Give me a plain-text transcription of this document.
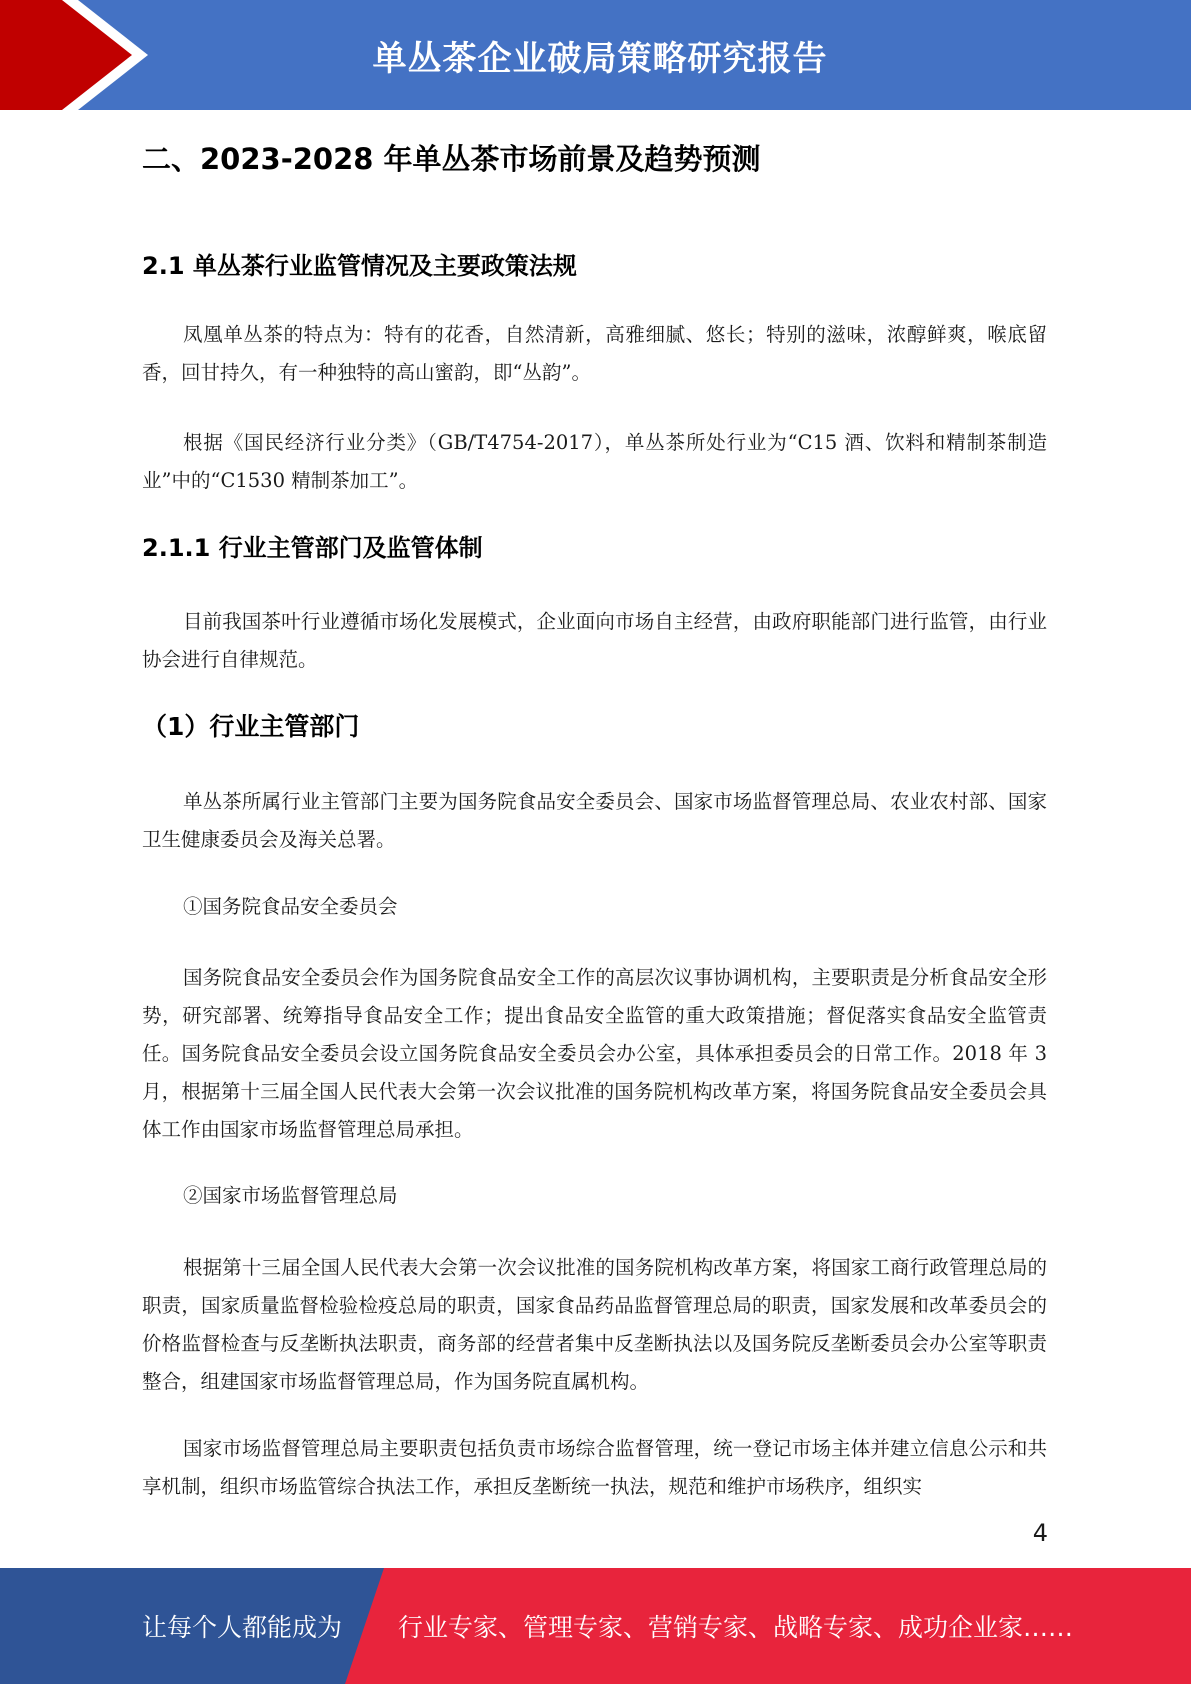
单丛茶企业破局策略研究报告
二、2023-2028 年单丛茶市场前景及趋势预测
2.1 单丛茶行业监管情况及主要政策法规

凤凰单丛茶的特点为：特有的花香，自然清新，高雅细腻、悠长；特别的滋味，浓醇鲜爽，喉底留香，回甘持久，有一种独特的高山蜜韵，即“丛韵”。

根据《国民经济行业分类》（GB/T4754-2017），单丛茶所处行业为“C15 酒、饮料和精制茶制造业”中的“C1530 精制茶加工”。

2.1.1 行业主管部门及监管体制

目前我国茶叶行业遵循市场化发展模式，企业面向市场自主经营，由政府职能部门进行监管，由行业协会进行自律规范。

（1）行业主管部门

单丛茶所属行业主管部门主要为国务院食品安全委员会、国家市场监督管理总局、农业农村部、国家卫生健康委员会及海关总署。

①国务院食品安全委员会

国务院食品安全委员会作为国务院食品安全工作的高层次议事协调机构，主要职责是分析食品安全形势，研究部署、统筹指导食品安全工作；提出食品安全监管的重大政策措施；督促落实食品安全监管责任。国务院食品安全委员会设立国务院食品安全委员会办公室，具体承担委员会的日常工作。2018 年 3 月，根据第十三届全国人民代表大会第一次会议批准的国务院机构改革方案，将国务院食品安全委员会具体工作由国家市场监督管理总局承担。

②国家市场监督管理总局

根据第十三届全国人民代表大会第一次会议批准的国务院机构改革方案，将国家工商行政管理总局的职责，国家质量监督检验检疫总局的职责，国家食品药品监督管理总局的职责，国家发展和改革委员会的价格监督检查与反垄断执法职责，商务部的经营者集中反垄断执法以及国务院反垄断委员会办公室等职责整合，组建国家市场监督管理总局，作为国务院直属机构。

国家市场监督管理总局主要职责包括负责市场综合监督管理，统一登记市场主体并建立信息公示和共享机制，组织市场监管综合执法工作，承担反垄断统一执法，规范和维护市场秩序，组织实

4
让每个人都能成为 行业专家、管理专家、营销专家、战略专家、成功企业家……
